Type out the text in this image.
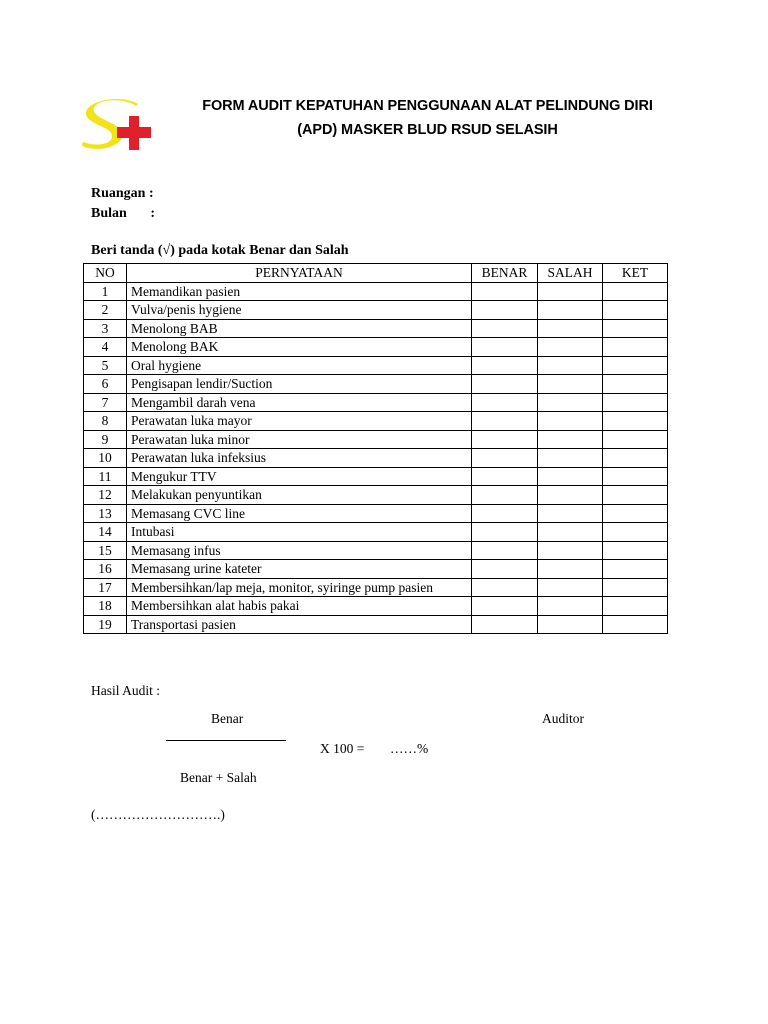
FORM AUDIT KEPATUHAN PENGGUNAAN ALAT PELINDUNG DIRI
(APD) MASKER BLUD RSUD SELASIH
Ruangan :
Bulan :
Beri tanda (√) pada kotak Benar dan Salah
NO	PERNYATAAN	BENAR	SALAH	KET
1	Memandikan pasien			
2	Vulva/penis hygiene			
3	Menolong BAB			
4	Menolong BAK			
5	Oral hygiene			
6	Pengisapan lendir/Suction			
7	Mengambil darah vena			
8	Perawatan luka mayor			
9	Perawatan luka minor			
10	Perawatan luka infeksius			
11	Mengukur TTV			
12	Melakukan penyuntikan			
13	Memasang CVC line			
14	Intubasi			
15	Memasang infus			
16	Memasang urine kateter			
17	Membersihkan/lap meja, monitor, syiringe pump pasien			
18	Membersihkan alat habis pakai			
19	Transportasi pasien			
Hasil Audit :
Benar	Auditor
X 100 = ……%
Benar + Salah
(……………………….)
